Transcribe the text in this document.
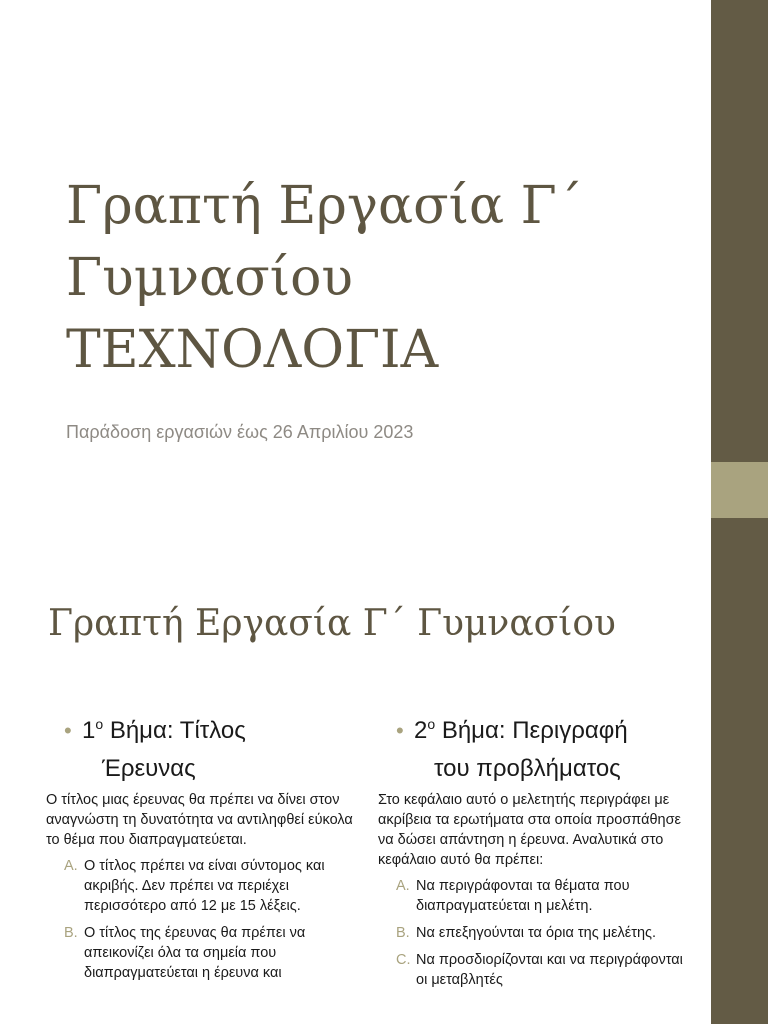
Γραπτή Εργασία Γ΄
Γυμνασίου
ΤΕΧΝΟΛΟΓΙΑ
Παράδοση εργασιών έως 26 Απριλίου 2023
Γραπτή Εργασία Γ΄ Γυμνασίου
• $1^o$ Βήμα: Τίτλος
Έρευνας

Ο τίτλος μιας έρευνας θα πρέπει να δίνει στον αναγνώστη τη δυνατότητα να αντιληφθεί εύκολα το θέμα που διαπραγματεύεται.

A. Ο τίτλος πρέπει να είναι σύντομος και ακριβής. Δεν πρέπει να περιέχει περισσότερο από 12 με 15 λέξεις.
B. Ο τίτλος της έρευνας θα πρέπει να απεικονίζει όλα τα σημεία που διαπραγματεύεται η έρευνα και
• $2^o$ Βήμα: Περιγραφή
του προβλήματος

Στο κεφάλαιο αυτό ο μελετητής περιγράφει με ακρίβεια τα ερωτήματα στα οποία προσπάθησε να δώσει απάντηση η έρευνα. Αναλυτικά στο κεφάλαιο αυτό θα πρέπει:

A. Να περιγράφονται τα θέματα που διαπραγματεύεται η μελέτη.
B. Να επεξηγούνται τα όρια της μελέτης.
C. Να προσδιορίζονται και να περιγράφονται οι μεταβλητές
